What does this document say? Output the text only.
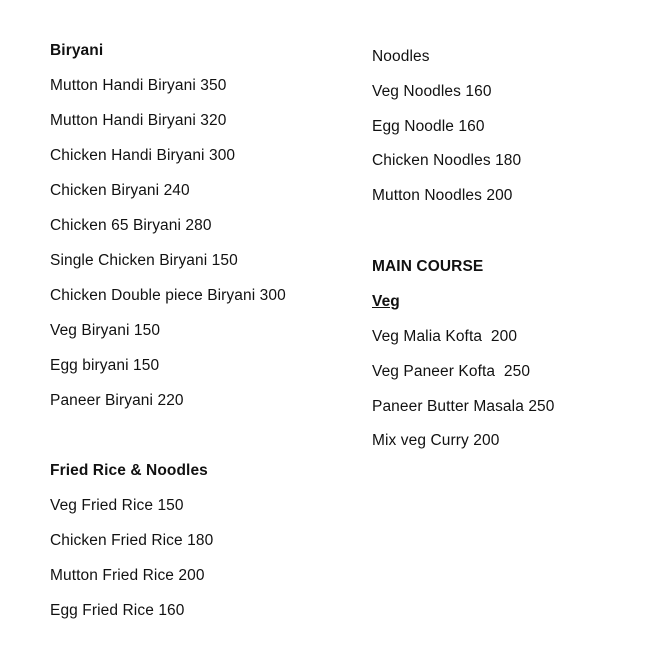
Biryani
Mutton Handi Biryani 350
Mutton Handi Biryani 320
Chicken Handi Biryani 300
Chicken Biryani 240
Chicken 65 Biryani 280
Single Chicken Biryani 150
Chicken Double piece Biryani 300
Veg Biryani 150
Egg biryani 150
Paneer Biryani 220
Fried Rice & Noodles
Veg Fried Rice 150
Chicken Fried Rice 180
Mutton Fried Rice 200
Egg Fried Rice 160
Noodles
Veg Noodles 160
Egg Noodle 160
Chicken Noodles 180
Mutton Noodles 200
MAIN COURSE
Veg
Veg Malia Kofta  200
Veg Paneer Kofta  250
Paneer Butter Masala 250
Mix veg Curry 200
